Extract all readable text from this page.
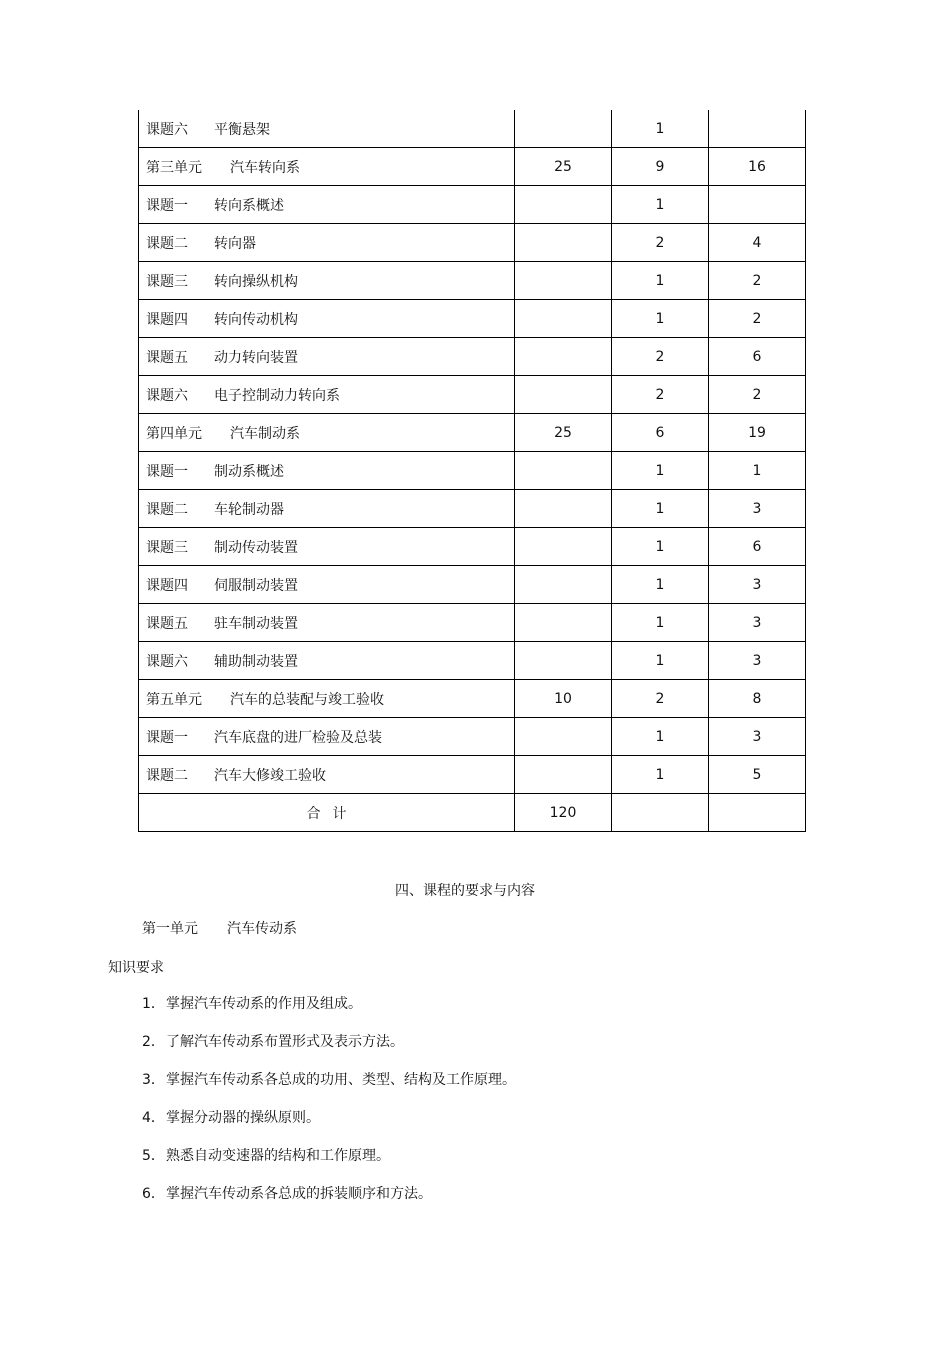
课题六 平衡悬架		1	
第三单元 汽车转向系	25	9	16
课题一 转向系概述		1	
课题二 转向器		2	4
课题三 转向操纵机构		1	2
课题四 转向传动机构		1	2
课题五 动力转向装置		2	6
课题六 电子控制动力转向系		2	2
第四单元 汽车制动系	25	6	19
课题一 制动系概述		1	1
课题二 车轮制动器		1	3
课题三 制动传动装置		1	6
课题四 伺服制动装置		1	3
课题五 驻车制动装置		1	3
课题六 辅助制动装置		1	3
第五单元 汽车的总装配与竣工验收	10	2	8
课题一 汽车底盘的进厂检验及总装		1	3
课题二 汽车大修竣工验收		1	5
合 计	120		
四、课程的要求与内容
第一单元 汽车传动系
知识要求
1．掌握汽车传动系的作用及组成。
2．了解汽车传动系布置形式及表示方法。
3．掌握汽车传动系各总成的功用、类型、结构及工作原理。
4．掌握分动器的操纵原则。
5．熟悉自动变速器的结构和工作原理。
6．掌握汽车传动系各总成的拆装顺序和方法。
